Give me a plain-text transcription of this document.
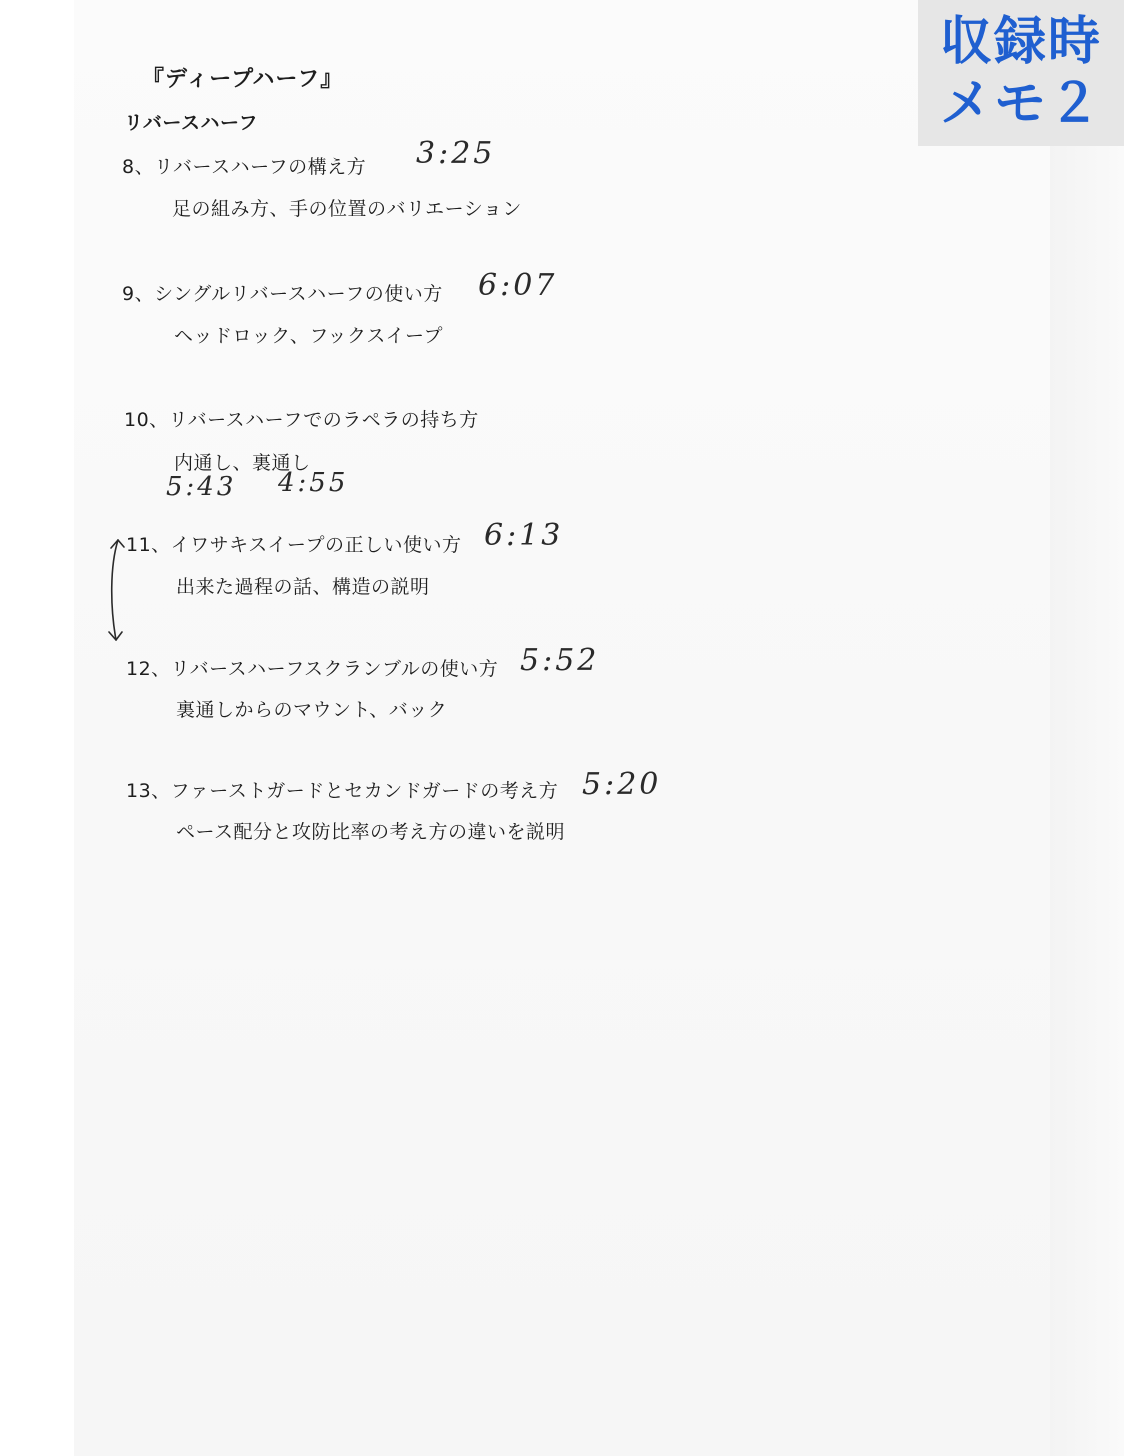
収録時
メモ２
『ディープハーフ』
リバースハーフ
8、リバースハーフの構え方 3:25
足の組み方、手の位置のバリエーション
9、シングルリバースハーフの使い方 6:07
ヘッドロック、フックスイープ
10、リバースハーフでのラペラの持ち方
内通し、裏通し
5:43 4:55
11、イワサキスイープの正しい使い方 6:13
出来た過程の話、構造の説明
12、リバースハーフスクランブルの使い方 5:52
裏通しからのマウント、バック
13、ファーストガードとセカンドガードの考え方 5:20
ペース配分と攻防比率の考え方の違いを説明
